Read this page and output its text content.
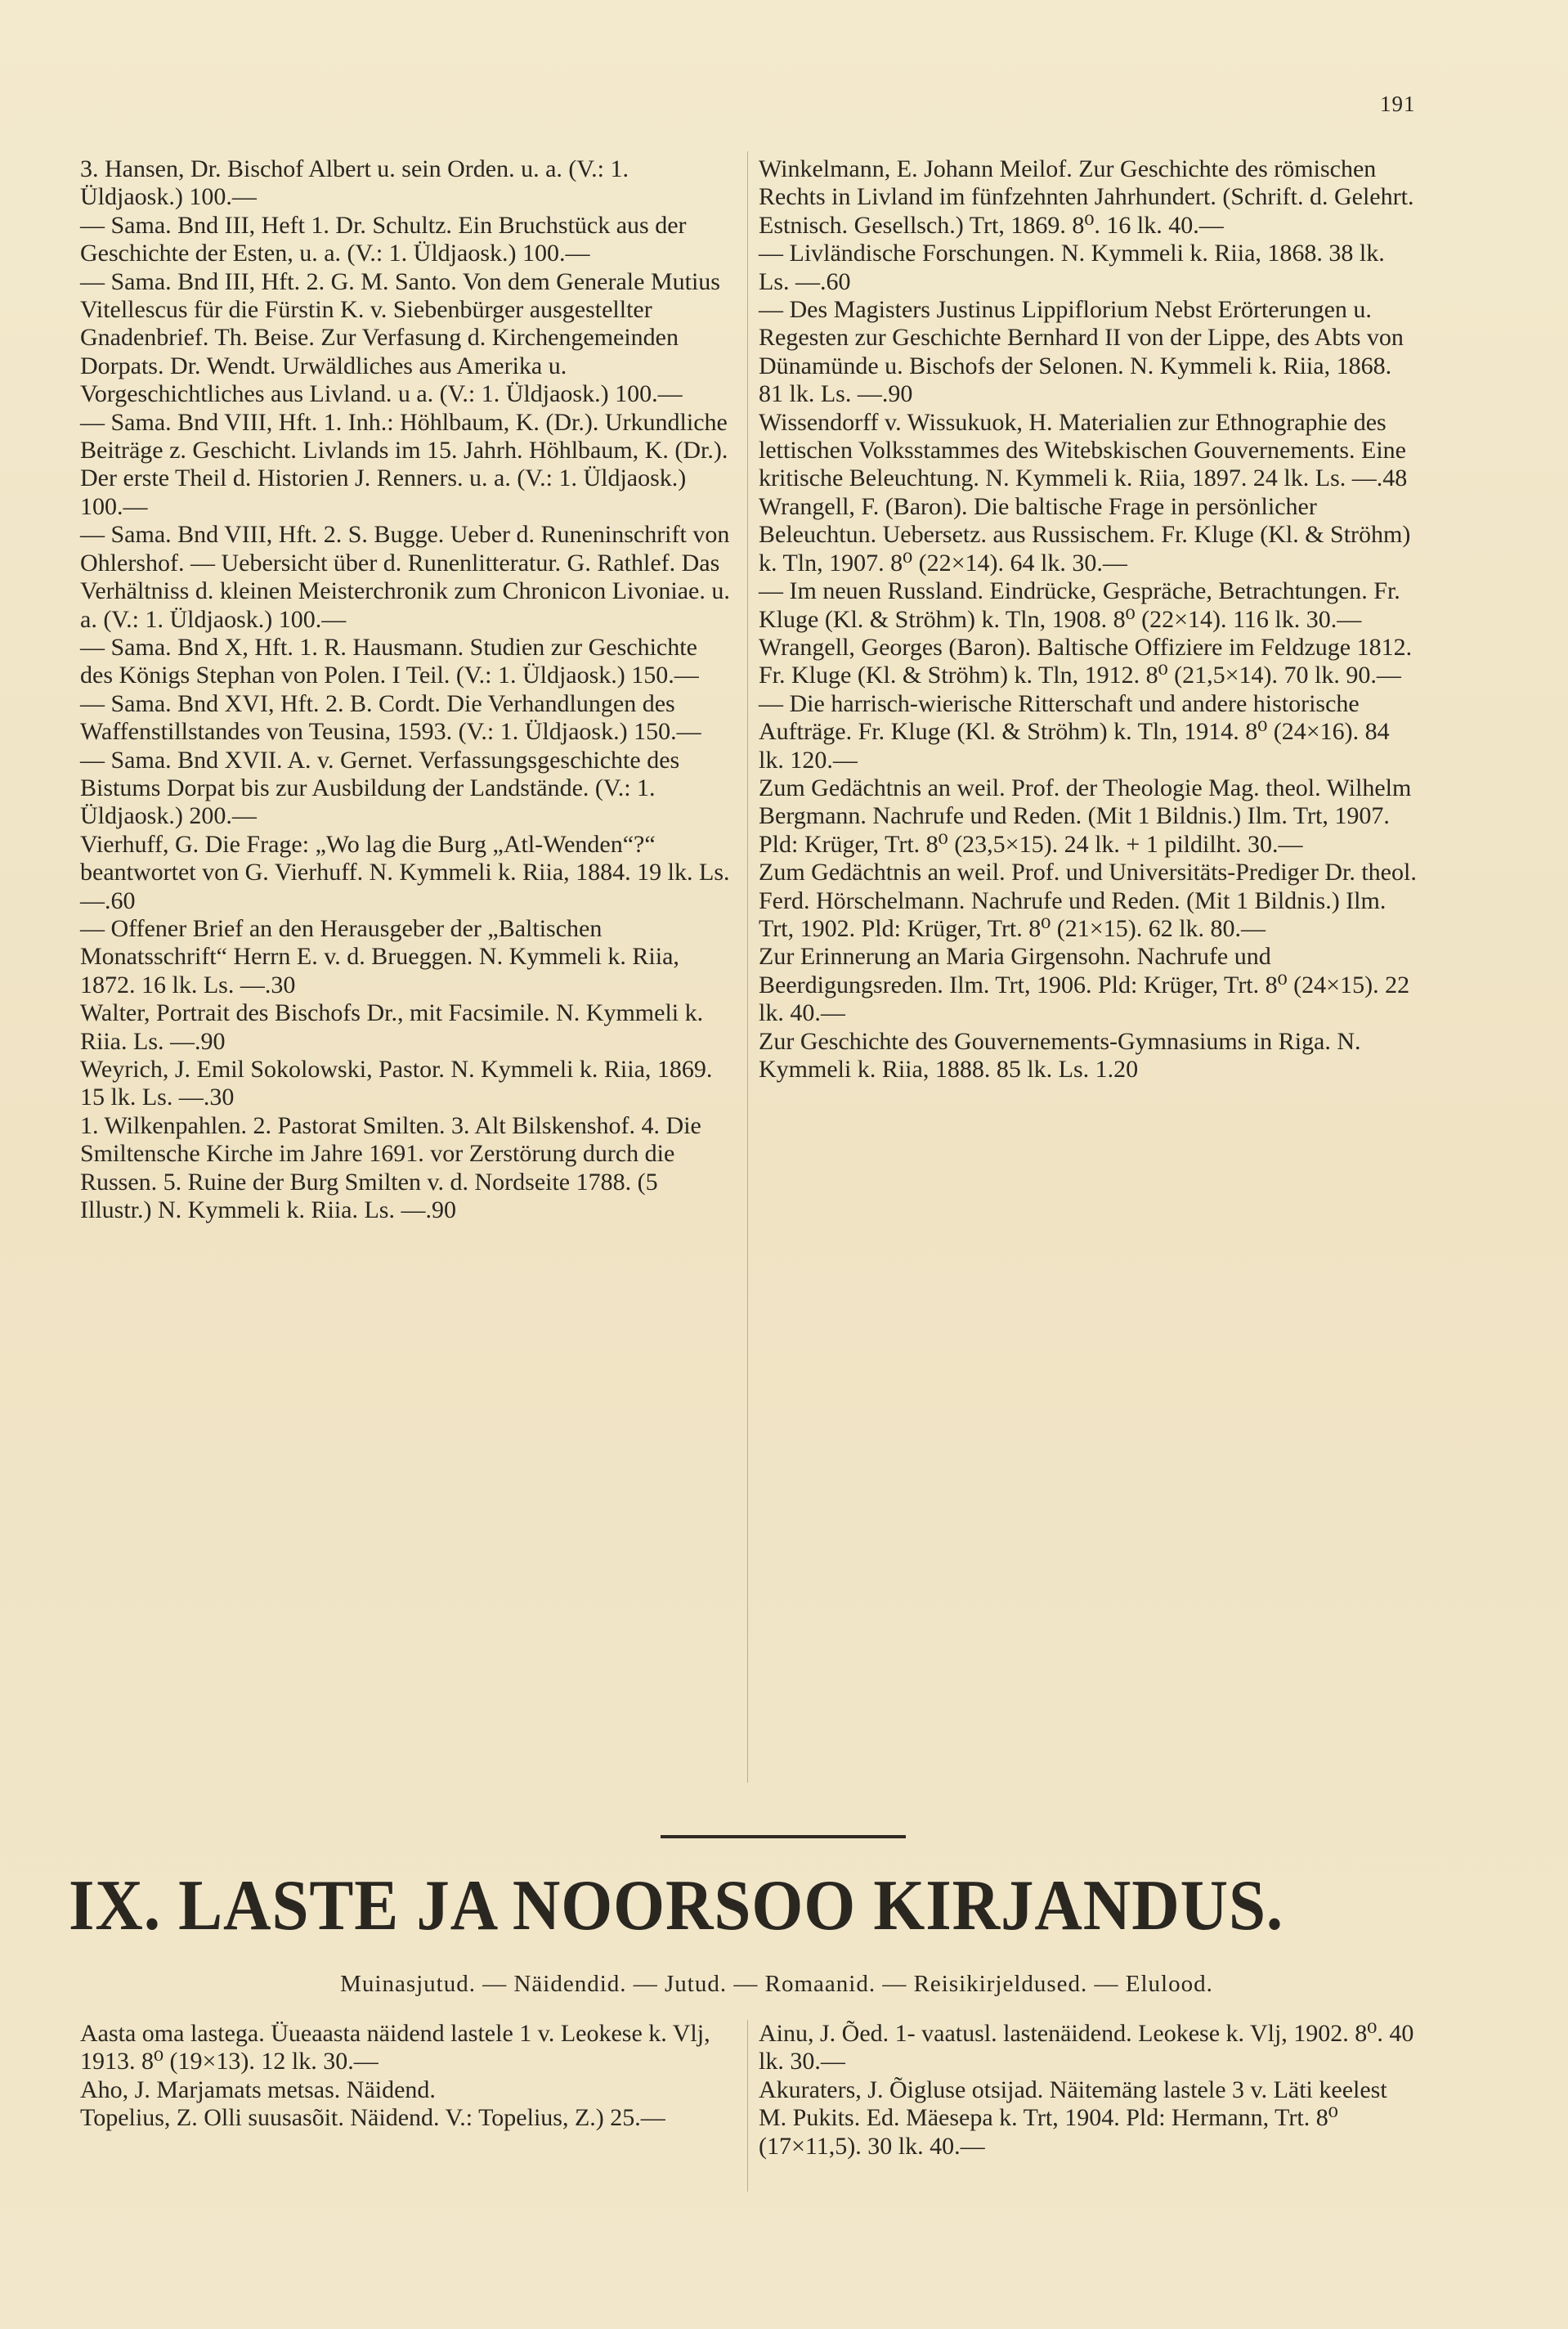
191

3. Hansen, Dr. Bischof Albert u. sein Orden. u. a. (V.: 1. Üldjaosk.) 100.—

— Sama. Bnd III, Heft 1. Dr. Schultz. Ein Bruchstück aus der Geschichte der Esten, u. a. (V.: 1. Üldjaosk.) 100.—

— Sama. Bnd III, Hft. 2. G. M. Santo. Von dem Generale Mutius Vitellescus für die Fürstin K. v. Siebenbürger ausgestellter Gnadenbrief. Th. Beise. Zur Verfasung d. Kirchengemeinden Dorpats. Dr. Wendt. Urwäldliches aus Amerika u. Vorgeschichtliches aus Livland. u a. (V.: 1. Üldjaosk.) 100.—

— Sama. Bnd VIII, Hft. 1. Inh.: Höhlbaum, K. (Dr.). Urkundliche Beiträge z. Geschicht. Livlands im 15. Jahrh. Höhlbaum, K. (Dr.). Der erste Theil d. Historien J. Renners. u. a. (V.: 1. Üldjaosk.) 100.—

— Sama. Bnd VIII, Hft. 2. S. Bugge. Ueber d. Runeninschrift von Ohlershof. — Uebersicht über d. Runenlitteratur. G. Rathlef. Das Verhältniss d. kleinen Meisterchronik zum Chronicon Livoniae. u. a. (V.: 1. Üldjaosk.) 100.—

— Sama. Bnd X, Hft. 1. R. Hausmann. Studien zur Geschichte des Königs Stephan von Polen. I Teil. (V.: 1. Üldjaosk.) 150.—

— Sama. Bnd XVI, Hft. 2. B. Cordt. Die Verhandlungen des Waffenstillstandes von Teusina, 1593. (V.: 1. Üldjaosk.) 150.—

— Sama. Bnd XVII. A. v. Gernet. Verfassungsgeschichte des Bistums Dorpat bis zur Ausbildung der Landstände. (V.: 1. Üldjaosk.) 200.—

Vierhuff, G. Die Frage: „Wo lag die Burg „Atl-Wenden“?“ beantwortet von G. Vierhuff. N. Kymmeli k. Riia, 1884. 19 lk. Ls. —.60

— Offener Brief an den Herausgeber der „Baltischen Monatsschrift“ Herrn E. v. d. Brueggen. N. Kymmeli k. Riia, 1872. 16 lk. Ls. —.30

Walter, Portrait des Bischofs Dr., mit Facsimile. N. Kymmeli k. Riia. Ls. —.90

Weyrich, J. Emil Sokolowski, Pastor. N. Kymmeli k. Riia, 1869. 15 lk. Ls. —.30

1. Wilkenpahlen. 2. Pastorat Smilten. 3. Alt Bilskenshof. 4. Die Smiltensche Kirche im Jahre 1691. vor Zerstörung durch die Russen. 5. Ruine der Burg Smilten v. d. Nordseite 1788. (5 Illustr.) N. Kymmeli k. Riia. Ls. —.90

Winkelmann, E. Johann Meilof. Zur Geschichte des römischen Rechts in Livland im fünfzehnten Jahrhundert. (Schrift. d. Gelehrt. Estnisch. Gesellsch.) Trt, 1869. 8⁰. 16 lk. 40.—

— Livländische Forschungen. N. Kymmeli k. Riia, 1868. 38 lk. Ls. —.60

— Des Magisters Justinus Lippiflorium Nebst Erörterungen u. Regesten zur Geschichte Bernhard II von der Lippe, des Abts von Dünamünde u. Bischofs der Selonen. N. Kymmeli k. Riia, 1868. 81 lk. Ls. —.90

Wissendorff v. Wissukuok, H. Materialien zur Ethnographie des lettischen Volksstammes des Witebskischen Gouvernements. Eine kritische Beleuchtung. N. Kymmeli k. Riia, 1897. 24 lk. Ls. —.48

Wrangell, F. (Baron). Die baltische Frage in persönlicher Beleuchtun. Uebersetz. aus Russischem. Fr. Kluge (Kl. & Ströhm) k. Tln, 1907. 8⁰ (22×14). 64 lk. 30.—

— Im neuen Russland. Eindrücke, Gespräche, Betrachtungen. Fr. Kluge (Kl. & Ströhm) k. Tln, 1908. 8⁰ (22×14). 116 lk. 30.—

Wrangell, Georges (Baron). Baltische Offiziere im Feldzuge 1812. Fr. Kluge (Kl. & Ströhm) k. Tln, 1912. 8⁰ (21,5×14). 70 lk. 90.—

— Die harrisch-wierische Ritterschaft und andere historische Aufträge. Fr. Kluge (Kl. & Ströhm) k. Tln, 1914. 8⁰ (24×16). 84 lk. 120.—

Zum Gedächtnis an weil. Prof. der Theologie Mag. theol. Wilhelm Bergmann. Nachrufe und Reden. (Mit 1 Bildnis.) Ilm. Trt, 1907. Pld: Krüger, Trt. 8⁰ (23,5×15). 24 lk. + 1 pildilht. 30.—

Zum Gedächtnis an weil. Prof. und Universitäts-Prediger Dr. theol. Ferd. Hörschelmann. Nachrufe und Reden. (Mit 1 Bildnis.) Ilm. Trt, 1902. Pld: Krüger, Trt. 8⁰ (21×15). 62 lk. 80.—

Zur Erinnerung an Maria Girgensohn. Nachrufe und Beerdigungsreden. Ilm. Trt, 1906. Pld: Krüger, Trt. 8⁰ (24×15). 22 lk. 40.—

Zur Geschichte des Gouvernements-Gymnasiums in Riga. N. Kymmeli k. Riia, 1888. 85 lk. Ls. 1.20

IX. LASTE JA NOORSOO KIRJANDUS.
Muinasjutud. — Näidendid. — Jutud. — Romaanid. — Reisikirjeldused. — Elulood.

Aasta oma lastega. Üueaasta näidend lastele 1 v. Leokese k. Vlj, 1913. 8⁰ (19×13). 12 lk. 30.—

Aho, J. Marjamats metsas. Näidend.

Topelius, Z. Olli suusasõit. Näidend. V.: Topelius, Z.) 25.—

Ainu, J. Õed. 1- vaatusl. lastenäidend. Leokese k. Vlj, 1902. 8⁰. 40 lk. 30.—

Akuraters, J. Õigluse otsijad. Näitemäng lastele 3 v. Läti keelest M. Pukits. Ed. Mäesepa k. Trt, 1904. Pld: Hermann, Trt. 8⁰ (17×11,5). 30 lk. 40.—
